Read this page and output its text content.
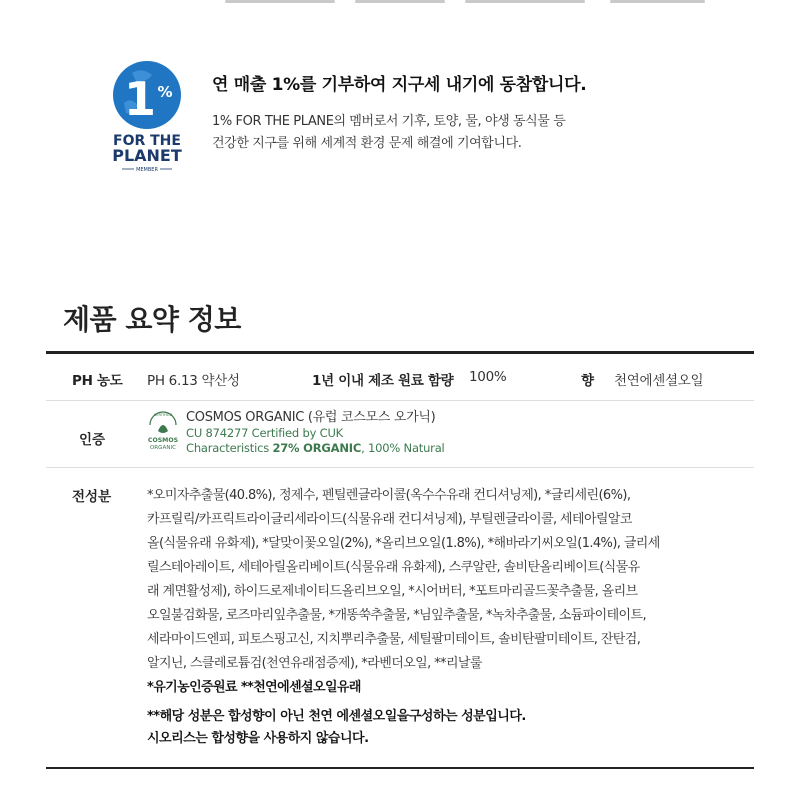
1 %
FOR THE
PLANET
MEMBER

연 매출 1%를 기부하여 지구세 내기에 동참합니다.

1% FOR THE PLANE의 멤버로서 기후, 토양, 물, 야생 동식물 등
건강한 지구를 위해 세계적 환경 문제 해결에 기여합니다.

제품 요약 정보
PH 농도 PH 6.13 약산성	1년 이내 제조 원료 함량 100%	향 천연에센셜오일
인증
CERTIFIED
COSMOS
ORGANIC

COSMOS ORGANIC (유럽 코스모스 오가닉)

CU 874277 Certified by CUK

Characteristics 27% ORGANIC, 100% Natural

전성분	*오미자추출물(40.8%), 정제수, 펜틸렌글라이콜(옥수수유래 컨디셔닝제), *글리세린(6%),
카프릴릭/카프릭트라이글리세라이드(식물유래 컨디셔닝제), 부틸렌글라이콜, 세테아릴알코
올(식물유래 유화제), *달맞이꽃오일(2%), *올리브오일(1.8%), *해바라기씨오일(1.4%), 글리세
릴스테아레이트, 세테아릴올리베이트(식물유래 유화제), 스쿠알란, 솔비탄올리베이트(식물유
래 계면활성제), 하이드로제네이티드올리브오일, *시어버터, *포트마리골드꽃추출물, 올리브
오일불검화물, 로즈마리잎추출물, *개똥쑥추출물, *님잎추출물, *녹차추출물, 소듐파이테이트,
세라마이드엔피, 피토스핑고신, 지치뿌리추출물, 세틸팔미테이트, 솔비탄팔미테이트, 잔탄검,
알지닌, 스클레로튬검(천연유래점증제), *라벤더오일, **리날룰
*유기농인증원료 **천연에센셜오일유래
**해당 성분은 합성향이 아닌 천연 에센셜오일을구성하는 성분입니다.
시오리스는 합성향을 사용하지 않습니다.
